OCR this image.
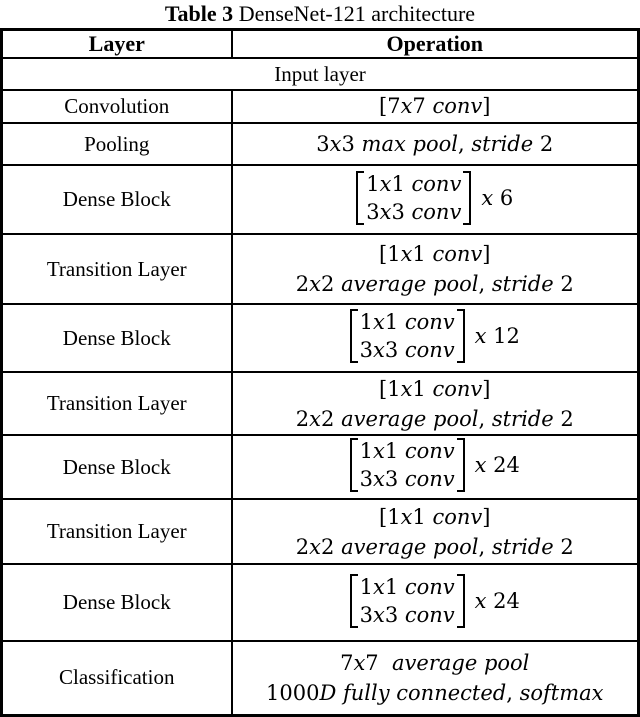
Table 3 DenseNet-121 architecture
Layer	Operation
Input layer	
Convolution	[7x7 conv]
Pooling	3x3 max pool, stride 2
Dense Block	1x1 conv
3x3 conv
x 6

Transition Layer	[1x1 conv]
2x2 average pool, stride 2

Dense Block	1x1 conv
3x3 conv
x 12

Transition Layer	[1x1 conv]
2x2 average pool, stride 2

Dense Block	1x1 conv
3x3 conv
x 24

Transition Layer	[1x1 conv]
2x2 average pool, stride 2

Dense Block	1x1 conv
3x3 conv
x 24

Classification	7x7  average pool
1000D fully connected, softmax
